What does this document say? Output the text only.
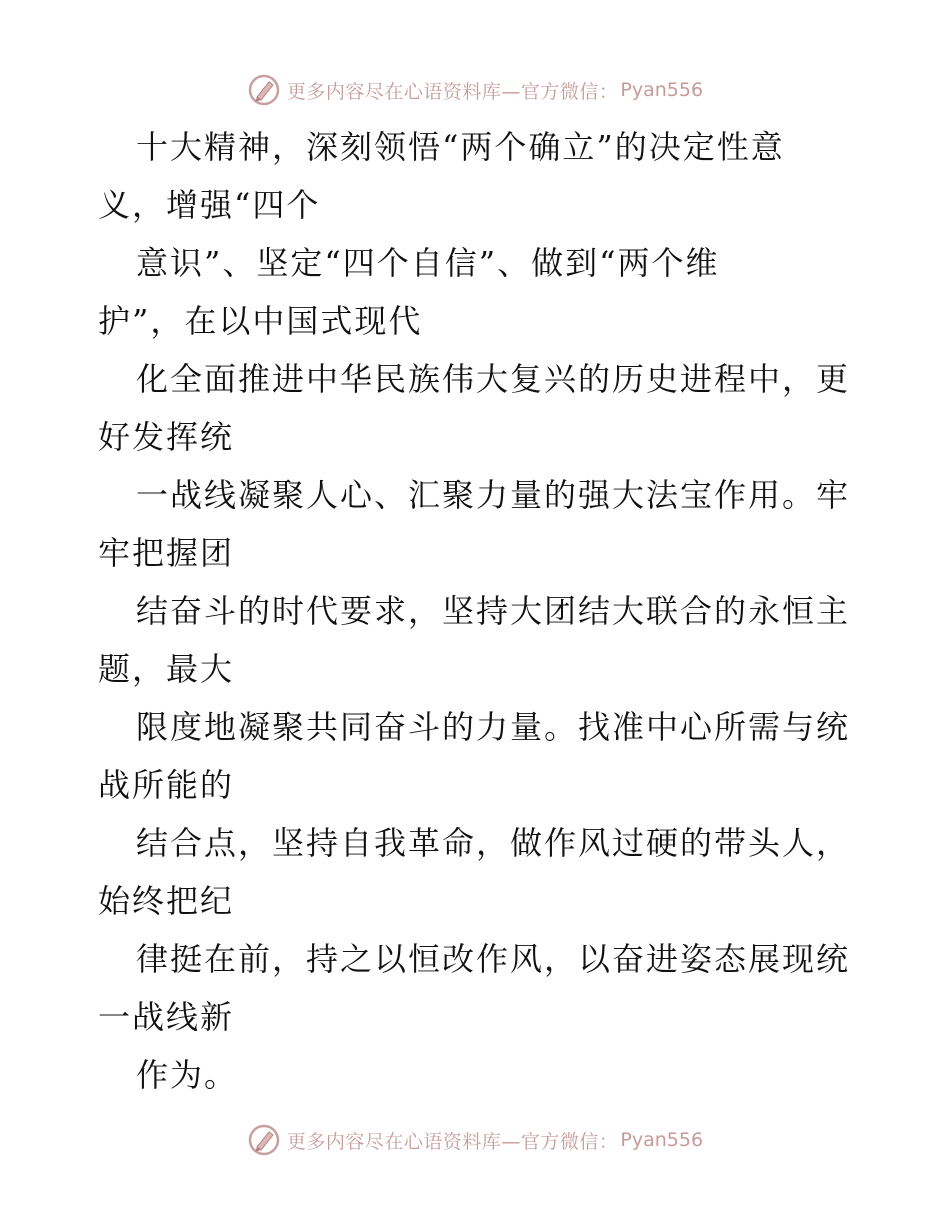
更多内容尽在心语资料库—官方微信： Pyan556
十大精神，深刻领悟“两个确立”的决定性意
义，增强“四个
意识”、坚定“四个自信”、做到“两个维
护”，在以中国式现代
化全面推进中华民族伟大复兴的历史进程中，更
好发挥统
一战线凝聚人心、汇聚力量的强大法宝作用。牢
牢把握团
结奋斗的时代要求，坚持大团结大联合的永恒主
题，最大
限度地凝聚共同奋斗的力量。找准中心所需与统
战所能的
结合点，坚持自我革命，做作风过硬的带头人，
始终把纪
律挺在前，持之以恒改作风，以奋进姿态展现统
一战线新
作为。
更多内容尽在心语资料库—官方微信： Pyan556
